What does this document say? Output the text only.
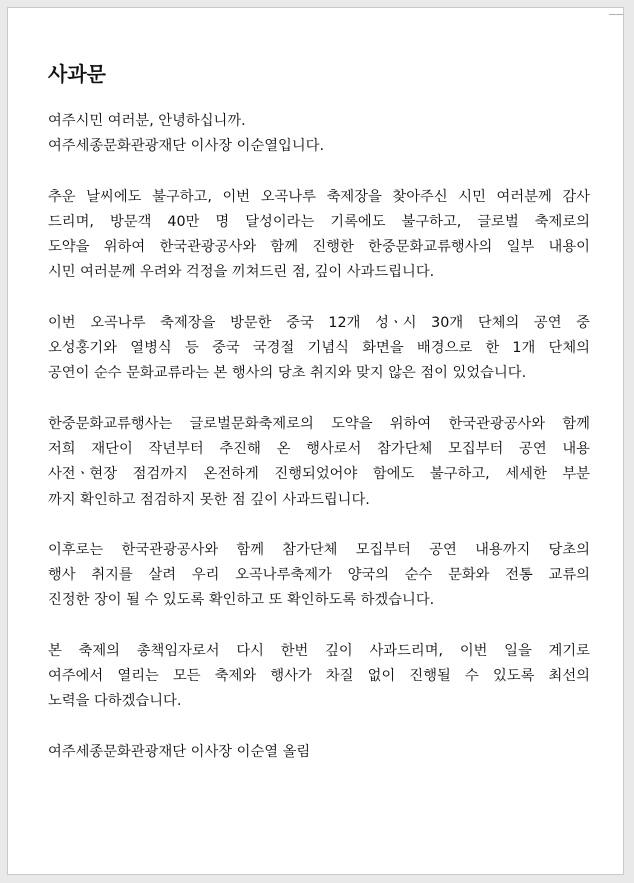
사과문

여주시민 여러분, 안녕하십니까.
여주세종문화관광재단 이사장 이순열입니다.

추운 날씨에도 불구하고, 이번 오곡나루 축제장을 찾아주신 시민 여러분께 감사
드리며, 방문객 40만 명 달성이라는 기록에도 불구하고, 글로벌 축제로의
도약을 위하여 한국관광공사와 함께 진행한 한중문화교류행사의 일부 내용이
시민 여러분께 우려와 걱정을 끼쳐드린 점, 깊이 사과드립니다.

이번 오곡나루 축제장을 방문한 중국 12개 성ㆍ시 30개 단체의 공연 중
오성홍기와 열병식 등 중국 국경절 기념식 화면을 배경으로 한 1개 단체의
공연이 순수 문화교류라는 본 행사의 당초 취지와 맞지 않은 점이 있었습니다.

한중문화교류행사는 글로벌문화축제로의 도약을 위하여 한국관광공사와 함께
저희 재단이 작년부터 추진해 온 행사로서 참가단체 모집부터 공연 내용
사전ㆍ현장 점검까지 온전하게 진행되었어야 함에도 불구하고, 세세한 부분
까지 확인하고 점검하지 못한 점 깊이 사과드립니다.

이후로는 한국관광공사와 함께 참가단체 모집부터 공연 내용까지 당초의
행사 취지를 살려 우리 오곡나루축제가 양국의 순수 문화와 전통 교류의
진정한 장이 될 수 있도록 확인하고 또 확인하도록 하겠습니다.

본 축제의 총책임자로서 다시 한번 깊이 사과드리며, 이번 일을 계기로
여주에서 열리는 모든 축제와 행사가 차질 없이 진행될 수 있도록 최선의
노력을 다하겠습니다.

여주세종문화관광재단 이사장 이순열 올림
